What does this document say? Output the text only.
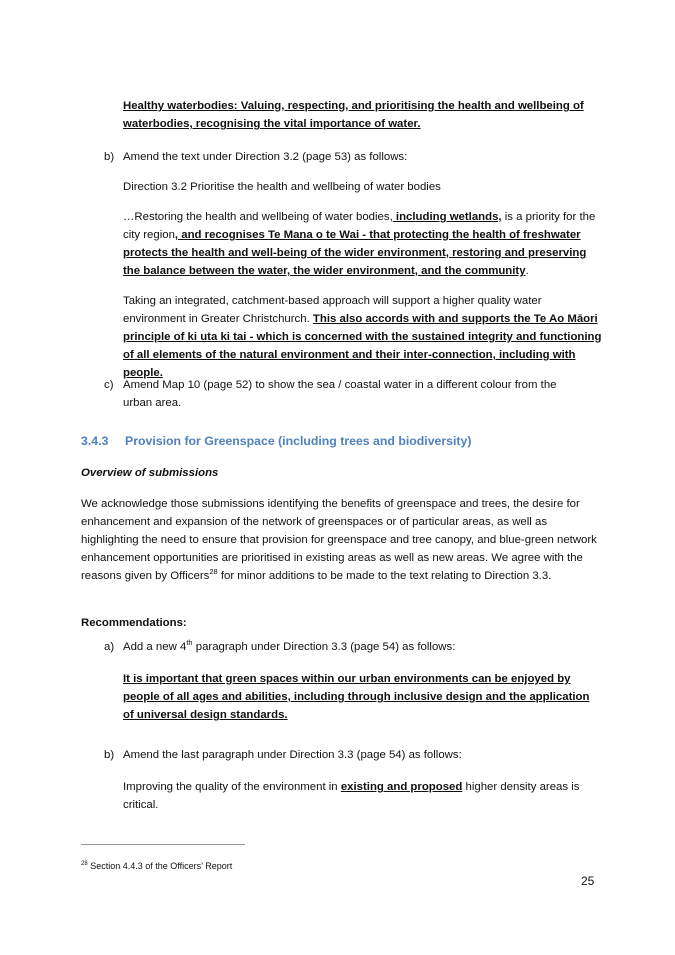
Healthy waterbodies: Valuing, respecting, and prioritising the health and wellbeing of waterbodies, recognising the vital importance of water.

b) Amend the text under Direction 3.2 (page 53) as follows:

Direction 3.2 Prioritise the health and wellbeing of water bodies

…Restoring the health and wellbeing of water bodies, including wetlands, is a priority for the city region, and recognises Te Mana o te Wai - that protecting the health of freshwater protects the health and well-being of the wider environment, restoring and preserving the balance between the water, the wider environment, and the community.

Taking an integrated, catchment-based approach will support a higher quality water environment in Greater Christchurch. This also accords with and supports the Te Ao Māori principle of ki uta ki tai - which is concerned with the sustained integrity and functioning of all elements of the natural environment and their inter-connection, including with people.

c) Amend Map 10 (page 52) to show the sea / coastal water in a different colour from the urban area.

3.4.3 Provision for Greenspace (including trees and biodiversity)

Overview of submissions

We acknowledge those submissions identifying the benefits of greenspace and trees, the desire for enhancement and expansion of the network of greenspaces or of particular areas, as well as highlighting the need to ensure that provision for greenspace and tree canopy, and blue-green network enhancement opportunities are prioritised in existing areas as well as new areas. We agree with the reasons given by Officers$^{28}$ for minor additions to be made to the text relating to Direction 3.3.

Recommendations:

a) Add a new 4th paragraph under Direction 3.3 (page 54) as follows:

It is important that green spaces within our urban environments can be enjoyed by people of all ages and abilities, including through inclusive design and the application of universal design standards.

b) Amend the last paragraph under Direction 3.3 (page 54) as follows:

Improving the quality of the environment in existing and proposed higher density areas is critical.

$^{28}$ Section 4.4.3 of the Officers’ Report

25
